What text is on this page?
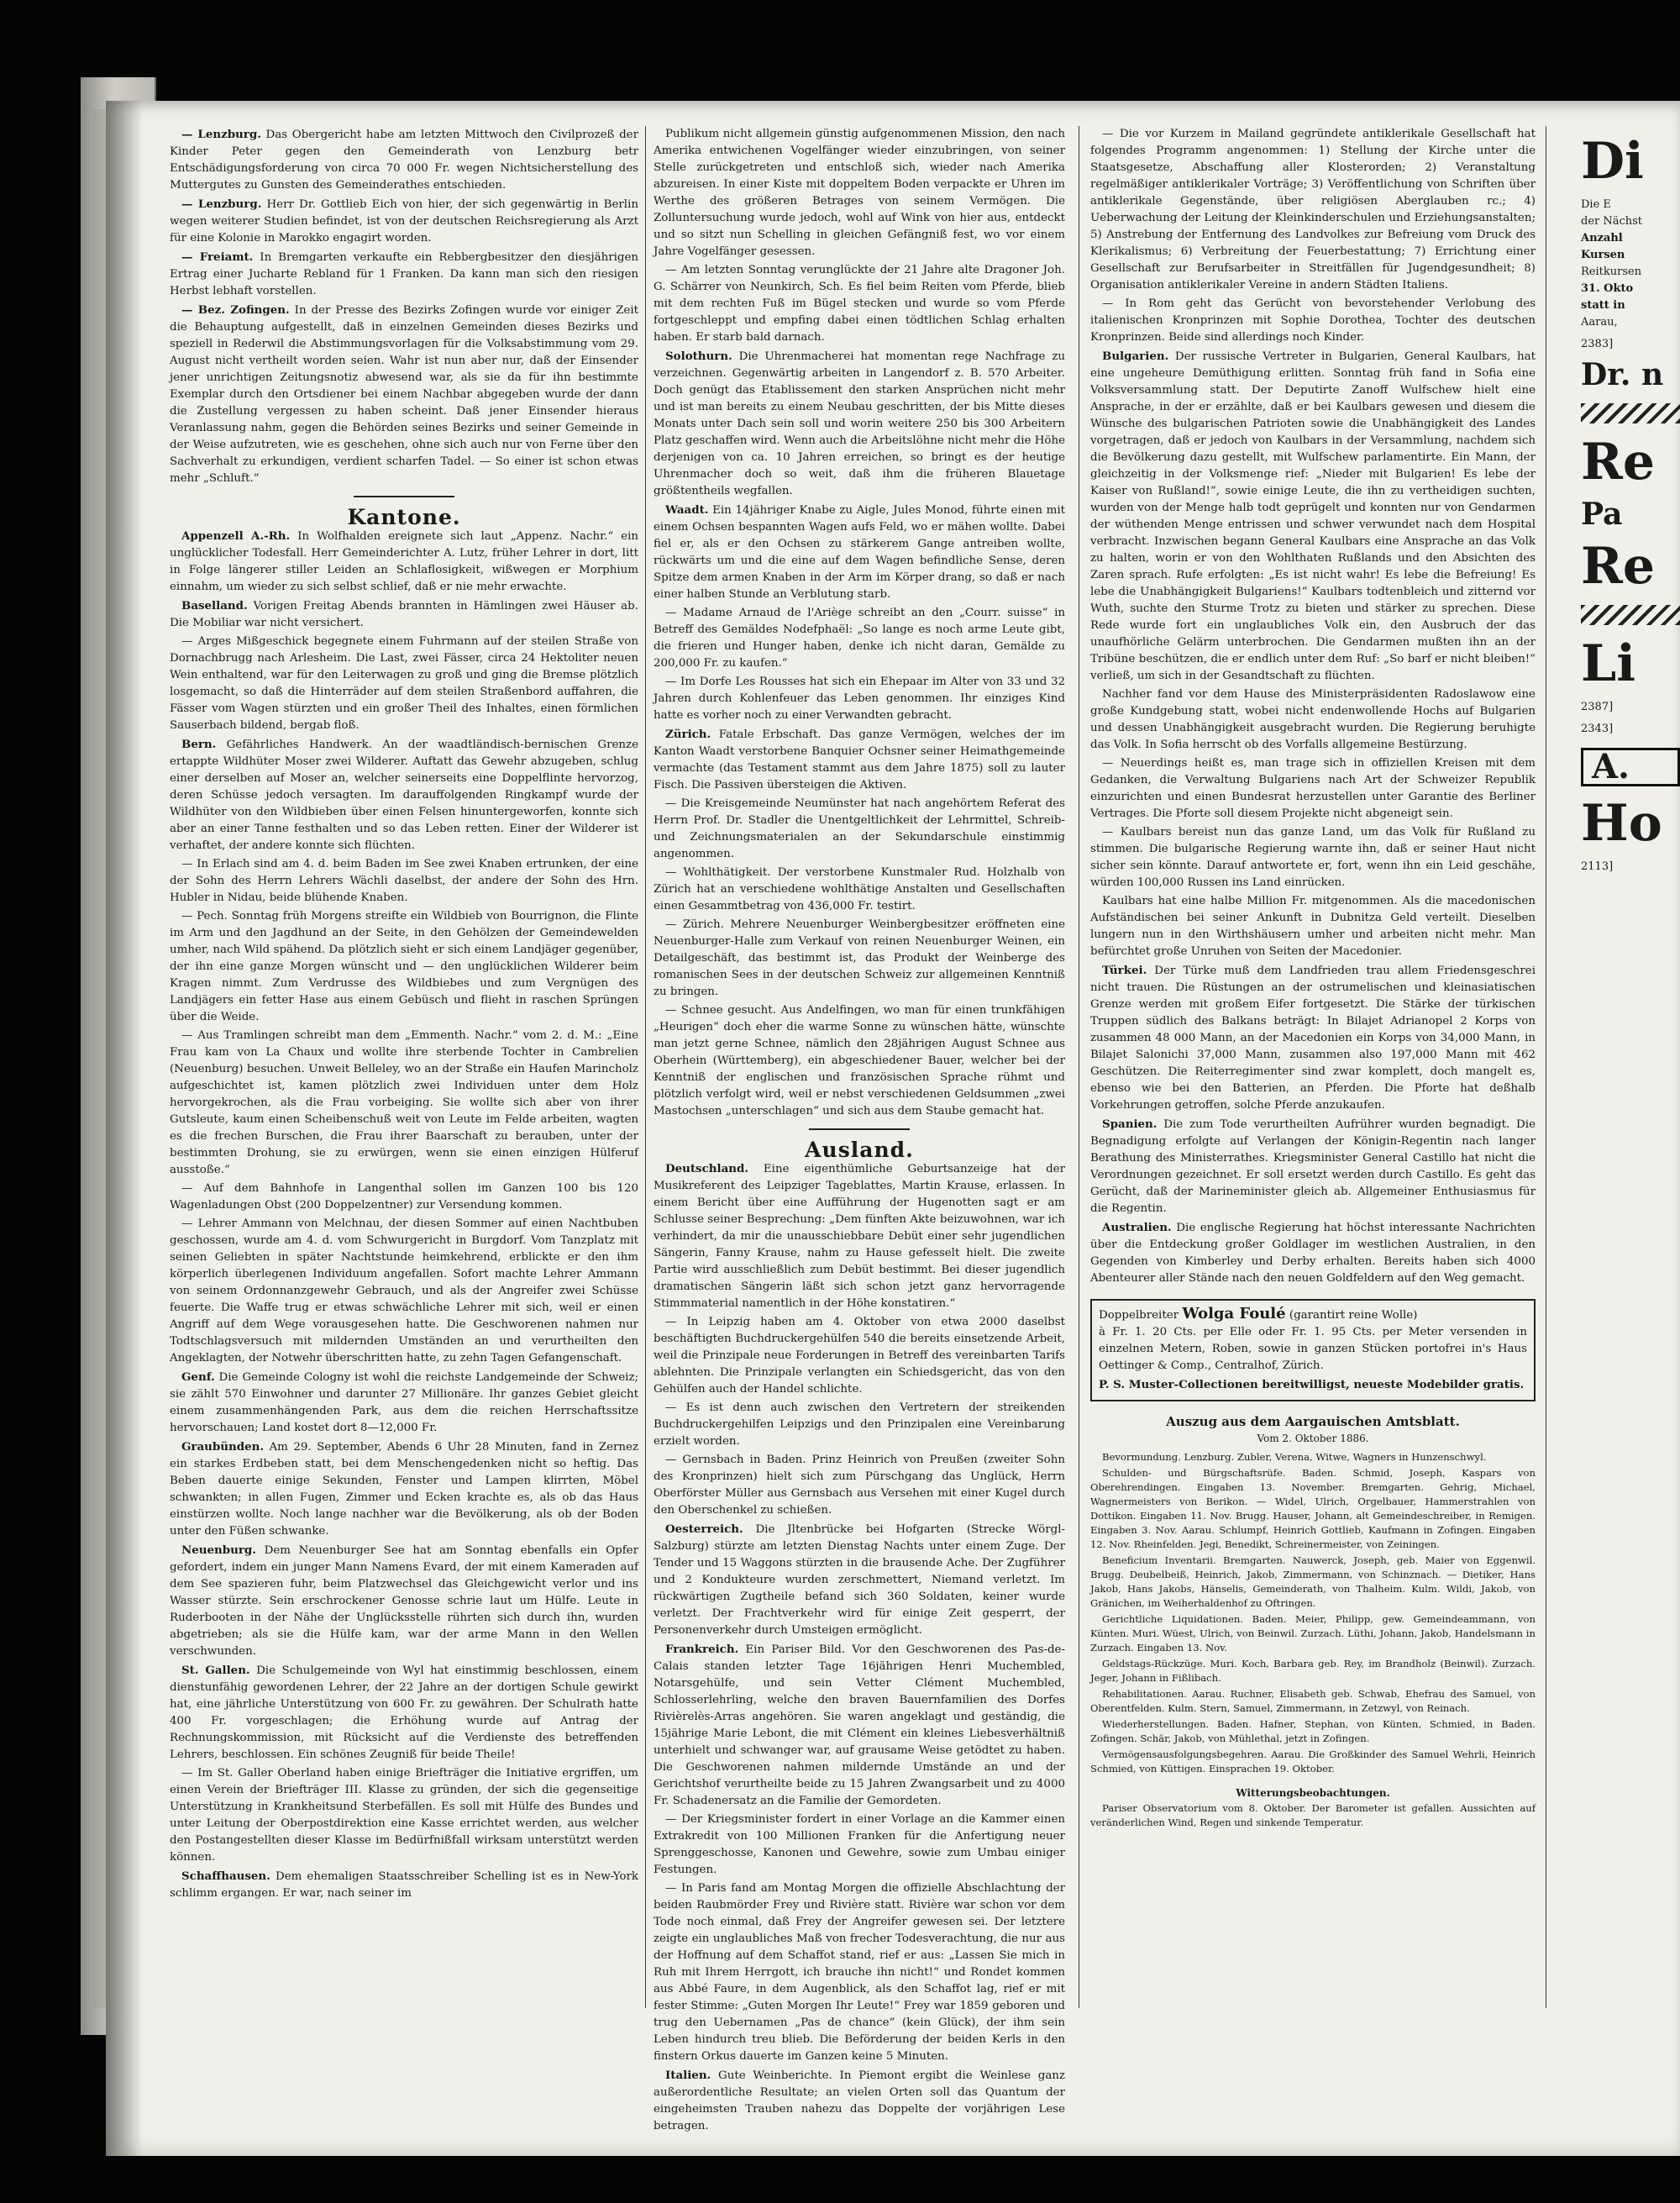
— Lenzburg. Das Obergericht habe am letzten Mittwoch den Civilprozeß der Kinder Peter gegen den Gemeinderath von Lenzburg betr Entschädigungsforderung von circa 70 000 Fr. wegen Nichtsicherstellung des Muttergutes zu Gunsten des Gemeinderathes entschieden.

— Lenzburg. Herr Dr. Gottlieb Eich von hier, der sich gegenwärtig in Berlin wegen weiterer Studien befindet, ist von der deutschen Reichsregierung als Arzt für eine Kolonie in Marokko engagirt worden.

— Freiamt. In Bremgarten verkaufte ein Rebbergbesitzer den diesjährigen Ertrag einer Jucharte Rebland für 1 Franken. Da kann man sich den riesigen Herbst lebhaft vorstellen.

— Bez. Zofingen. In der Presse des Bezirks Zofingen wurde vor einiger Zeit die Behauptung aufgestellt, daß in einzelnen Gemeinden dieses Bezirks und speziell in Rederwil die Abstimmungsvorlagen für die Volksabstimmung vom 29. August nicht vertheilt worden seien. Wahr ist nun aber nur, daß der Einsender jener unrichtigen Zeitungsnotiz abwesend war, als sie da für ihn bestimmte Exemplar durch den Ortsdiener bei einem Nachbar abgegeben wurde der dann die Zustellung vergessen zu haben scheint. Daß jener Einsender hieraus Veranlassung nahm, gegen die Behörden seines Bezirks und seiner Gemeinde in der Weise aufzutreten, wie es geschehen, ohne sich auch nur von Ferne über den Sachverhalt zu erkundigen, verdient scharfen Tadel. — So einer ist schon etwas mehr „Schluft.“

Kantone.

Appenzell A.-Rh. In Wolfhalden ereignete sich laut „Appenz. Nachr.“ ein unglücklicher Todesfall. Herr Gemeinderichter A. Lutz, früher Lehrer in dort, litt in Folge längerer stiller Leiden an Schlaflosigkeit, wißwegen er Morphium einnahm, um wieder zu sich selbst schlief, daß er nie mehr erwachte.

Baselland. Vorigen Freitag Abends brannten in Hämlingen zwei Häuser ab. Die Mobiliar war nicht versichert.

— Arges Mißgeschick begegnete einem Fuhrmann auf der steilen Straße von Dornachbrugg nach Arlesheim. Die Last, zwei Fässer, circa 24 Hektoliter neuen Wein enthaltend, war für den Leiterwagen zu groß und ging die Bremse plötzlich losgemacht, so daß die Hinterräder auf dem steilen Straßenbord auffahren, die Fässer vom Wagen stürzten und ein großer Theil des Inhaltes, einen förmlichen Sauserbach bildend, bergab floß.

Bern. Gefährliches Handwerk. An der waadtländisch-bernischen Grenze ertappte Wildhüter Moser zwei Wilderer. Auftatt das Gewehr abzugeben, schlug einer derselben auf Moser an, welcher seinerseits eine Doppelflinte hervorzog, deren Schüsse jedoch versagten. Im darauffolgenden Ringkampf wurde der Wildhüter von den Wildbieben über einen Felsen hinuntergeworfen, konnte sich aber an einer Tanne festhalten und so das Leben retten. Einer der Wilderer ist verhaftet, der andere konnte sich flüchten.

— In Erlach sind am 4. d. beim Baden im See zwei Knaben ertrunken, der eine der Sohn des Herrn Lehrers Wächli daselbst, der andere der Sohn des Hrn. Hubler in Nidau, beide blühende Knaben.

— Pech. Sonntag früh Morgens streifte ein Wildbieb von Bourrignon, die Flinte im Arm und den Jagdhund an der Seite, in den Gehölzen der Gemeindewelden umher, nach Wild spähend. Da plötzlich sieht er sich einem Landjäger gegenüber, der ihn eine ganze Morgen wünscht und — den unglücklichen Wilderer beim Kragen nimmt. Zum Verdrusse des Wildbiebes und zum Vergnügen des Landjägers ein fetter Hase aus einem Gebüsch und flieht in raschen Sprüngen über die Weide.

— Aus Tramlingen schreibt man dem „Emmenth. Nachr.“ vom 2. d. M.: „Eine Frau kam von La Chaux und wollte ihre sterbende Tochter in Cambrelien (Neuenburg) besuchen. Unweit Belleley, wo an der Straße ein Haufen Marincholz aufgeschichtet ist, kamen plötzlich zwei Individuen unter dem Holz hervorgekrochen, als die Frau vorbeiging. Sie wollte sich aber von ihrer Gutsleute, kaum einen Scheibenschuß weit von Leute im Felde arbeiten, wagten es die frechen Burschen, die Frau ihrer Baarschaft zu berauben, unter der bestimmten Drohung, sie zu erwürgen, wenn sie einen einzigen Hülferuf ausstoße.“

— Auf dem Bahnhofe in Langenthal sollen im Ganzen 100 bis 120 Wagenladungen Obst (200 Doppelzentner) zur Versendung kommen.

— Lehrer Ammann von Melchnau, der diesen Sommer auf einen Nachtbuben geschossen, wurde am 4. d. vom Schwurgericht in Burgdorf. Vom Tanzplatz mit seinen Geliebten in später Nachtstunde heimkehrend, erblickte er den ihm körperlich überlegenen Individuum angefallen. Sofort machte Lehrer Ammann von seinem Ordonnanzgewehr Gebrauch, und als der Angreifer zwei Schüsse feuerte. Die Waffe trug er etwas schwächliche Lehrer mit sich, weil er einen Angriff auf dem Wege vorausgesehen hatte. Die Geschworenen nahmen nur Todtschlagsversuch mit mildernden Umständen an und verurtheilten den Angeklagten, der Notwehr überschritten hatte, zu zehn Tagen Gefangenschaft.

Genf. Die Gemeinde Cologny ist wohl die reichste Landgemeinde der Schweiz; sie zählt 570 Einwohner und darunter 27 Millionäre. Ihr ganzes Gebiet gleicht einem zusammenhängenden Park, aus dem die reichen Herrschaftssitze hervorschauen; Land kostet dort 8—12,000 Fr.

Graubünden. Am 29. September, Abends 6 Uhr 28 Minuten, fand in Zernez ein starkes Erdbeben statt, bei dem Menschengedenken nicht so heftig. Das Beben dauerte einige Sekunden, Fenster und Lampen klirrten, Möbel schwankten; in allen Fugen, Zimmer und Ecken krachte es, als ob das Haus einstürzen wollte. Noch lange nachher war die Bevölkerung, als ob der Boden unter den Füßen schwanke.

Neuenburg. Dem Neuenburger See hat am Sonntag ebenfalls ein Opfer gefordert, indem ein junger Mann Namens Evard, der mit einem Kameraden auf dem See spazieren fuhr, beim Platzwechsel das Gleichgewicht verlor und ins Wasser stürzte. Sein erschrockener Genosse schrie laut um Hülfe. Leute in Ruderbooten in der Nähe der Unglücksstelle rührten sich durch ihn, wurden abgetrieben; als sie die Hülfe kam, war der arme Mann in den Wellen verschwunden.

St. Gallen. Die Schulgemeinde von Wyl hat einstimmig beschlossen, einem dienstunfähig gewordenen Lehrer, der 22 Jahre an der dortigen Schule gewirkt hat, eine jährliche Unterstützung von 600 Fr. zu gewähren. Der Schulrath hatte 400 Fr. vorgeschlagen; die Erhöhung wurde auf Antrag der Rechnungskommission, mit Rücksicht auf die Verdienste des betreffenden Lehrers, beschlossen. Ein schönes Zeugniß für beide Theile!

— Im St. Galler Oberland haben einige Briefträger die Initiative ergriffen, um einen Verein der Briefträger III. Klasse zu gründen, der sich die gegenseitige Unterstützung in Krankheitsund Sterbefällen. Es soll mit Hülfe des Bundes und unter Leitung der Oberpostdirektion eine Kasse errichtet werden, aus welcher den Postangestellten dieser Klasse im Bedürfnißfall wirksam unterstützt werden können.

Schaffhausen. Dem ehemaligen Staatsschreiber Schelling ist es in New-York schlimm ergangen. Er war, nach seiner im

Publikum nicht allgemein günstig aufgenommenen Mission, den nach Amerika entwichenen Vogelfänger wieder einzubringen, von seiner Stelle zurückgetreten und entschloß sich, wieder nach Amerika abzureisen. In einer Kiste mit doppeltem Boden verpackte er Uhren im Werthe des größeren Betrages von seinem Vermögen. Die Zolluntersuchung wurde jedoch, wohl auf Wink von hier aus, entdeckt und so sitzt nun Schelling in gleichen Gefängniß fest, wo vor einem Jahre Vogelfänger gesessen.

— Am letzten Sonntag verunglückte der 21 Jahre alte Dragoner Joh. G. Schärrer von Neunkirch, Sch. Es fiel beim Reiten vom Pferde, blieb mit dem rechten Fuß im Bügel stecken und wurde so vom Pferde fortgeschleppt und empfing dabei einen tödtlichen Schlag erhalten haben. Er starb bald darnach.

Solothurn. Die Uhrenmacherei hat momentan rege Nachfrage zu verzeichnen. Gegenwärtig arbeiten in Langendorf z. B. 570 Arbeiter. Doch genügt das Etablissement den starken Ansprüchen nicht mehr und ist man bereits zu einem Neubau geschritten, der bis Mitte dieses Monats unter Dach sein soll und worin weitere 250 bis 300 Arbeitern Platz geschaffen wird. Wenn auch die Arbeitslöhne nicht mehr die Höhe derjenigen von ca. 10 Jahren erreichen, so bringt es der heutige Uhrenmacher doch so weit, daß ihm die früheren Blauetage größtentheils wegfallen.

Waadt. Ein 14jähriger Knabe zu Aigle, Jules Monod, führte einen mit einem Ochsen bespannten Wagen aufs Feld, wo er mähen wollte. Dabei fiel er, als er den Ochsen zu stärkerem Gange antreiben wollte, rückwärts um und die eine auf dem Wagen befindliche Sense, deren Spitze dem armen Knaben in der Arm im Körper drang, so daß er nach einer halben Stunde an Verblutung starb.

— Madame Arnaud de l'Ariège schreibt an den „Courr. suisse“ in Betreff des Gemäldes Nodefphaël: „So lange es noch arme Leute gibt, die frieren und Hunger haben, denke ich nicht daran, Gemälde zu 200,000 Fr. zu kaufen.“

— Im Dorfe Les Rousses hat sich ein Ehepaar im Alter von 33 und 32 Jahren durch Kohlenfeuer das Leben genommen. Ihr einziges Kind hatte es vorher noch zu einer Verwandten gebracht.

Zürich. Fatale Erbschaft. Das ganze Vermögen, welches der im Kanton Waadt verstorbene Banquier Ochsner seiner Heimathgemeinde vermachte (das Testament stammt aus dem Jahre 1875) soll zu lauter Fisch. Die Passiven übersteigen die Aktiven.

— Die Kreisgemeinde Neumünster hat nach angehörtem Referat des Herrn Prof. Dr. Stadler die Unentgeltlichkeit der Lehrmittel, Schreib- und Zeichnungsmaterialen an der Sekundarschule einstimmig angenommen.

— Wohlthätigkeit. Der verstorbene Kunstmaler Rud. Holzhalb von Zürich hat an verschiedene wohlthätige Anstalten und Gesellschaften einen Gesammtbetrag von 436,000 Fr. testirt.

— Zürich. Mehrere Neuenburger Weinbergbesitzer eröffneten eine Neuenburger-Halle zum Verkauf von reinen Neuenburger Weinen, ein Detailgeschäft, das bestimmt ist, das Produkt der Weinberge des romanischen Sees in der deutschen Schweiz zur allgemeinen Kenntniß zu bringen.

— Schnee gesucht. Aus Andelfingen, wo man für einen trunkfähigen „Heurigen“ doch eher die warme Sonne zu wünschen hätte, wünschte man jetzt gerne Schnee, nämlich den 28jährigen August Schnee aus Oberhein (Württemberg), ein abgeschiedener Bauer, welcher bei der Kenntniß der englischen und französischen Sprache rühmt und plötzlich verfolgt wird, weil er nebst verschiedenen Geldsummen „zwei Mastochsen „unterschlagen“ und sich aus dem Staube gemacht hat.

Ausland.

Deutschland. Eine eigenthümliche Geburtsanzeige hat der Musikreferent des Leipziger Tageblattes, Martin Krause, erlassen. In einem Bericht über eine Aufführung der Hugenotten sagt er am Schlusse seiner Besprechung: „Dem fünften Akte beizuwohnen, war ich verhindert, da mir die unausschiebbare Debüt einer sehr jugendlichen Sängerin, Fanny Krause, nahm zu Hause gefesselt hielt. Die zweite Partie wird ausschließlich zum Debüt bestimmt. Bei dieser jugendlich dramatischen Sängerin läßt sich schon jetzt ganz hervorragende Stimmmaterial namentlich in der Höhe konstatiren.“

— In Leipzig haben am 4. Oktober von etwa 2000 daselbst beschäftigten Buchdruckergehülfen 540 die bereits einsetzende Arbeit, weil die Prinzipale neue Forderungen in Betreff des vereinbarten Tarifs ablehnten. Die Prinzipale verlangten ein Schiedsgericht, das von den Gehülfen auch der Handel schlichte.

— Es ist denn auch zwischen den Vertretern der streikenden Buchdruckergehilfen Leipzigs und den Prinzipalen eine Vereinbarung erzielt worden.

— Gernsbach in Baden. Prinz Heinrich von Preußen (zweiter Sohn des Kronprinzen) hielt sich zum Pürschgang das Unglück, Herrn Oberförster Müller aus Gernsbach aus Versehen mit einer Kugel durch den Oberschenkel zu schießen.

Oesterreich. Die Jltenbrücke bei Hofgarten (Strecke Wörgl-Salzburg) stürzte am letzten Dienstag Nachts unter einem Zuge. Der Tender und 15 Waggons stürzten in die brausende Ache. Der Zugführer und 2 Kondukteure wurden zerschmettert, Niemand verletzt. Im rückwärtigen Zugtheile befand sich 360 Soldaten, keiner wurde verletzt. Der Frachtverkehr wird für einige Zeit gesperrt, der Personenverkehr durch Umsteigen ermöglicht.

Frankreich. Ein Pariser Bild. Vor den Geschworenen des Pas-de-Calais standen letzter Tage 16jährigen Henri Muchembled, Notarsgehülfe, und sein Vetter Clément Muchembled, Schlosserlehrling, welche den braven Bauernfamilien des Dorfes Rivièrelès-Arras angehören. Sie waren angeklagt und geständig, die 15jährige Marie Lebont, die mit Clément ein kleines Liebesverhältniß unterhielt und schwanger war, auf grausame Weise getödtet zu haben. Die Geschworenen nahmen mildernde Umstände an und der Gerichtshof verurtheilte beide zu 15 Jahren Zwangsarbeit und zu 4000 Fr. Schadenersatz an die Familie der Gemordeten.

— Der Kriegsminister fordert in einer Vorlage an die Kammer einen Extrakredit von 100 Millionen Franken für die Anfertigung neuer Sprenggeschosse, Kanonen und Gewehre, sowie zum Umbau einiger Festungen.

— In Paris fand am Montag Morgen die offizielle Abschlachtung der beiden Raubmörder Frey und Rivière statt. Rivière war schon vor dem Tode noch einmal, daß Frey der Angreifer gewesen sei. Der letztere zeigte ein unglaubliches Maß von frecher Todesverachtung, die nur aus der Hoffnung auf dem Schaffot stand, rief er aus: „Lassen Sie mich in Ruh mit Ihrem Herrgott, ich brauche ihn nicht!“ und Rondet kommen aus Abbé Faure, in dem Augenblick, als den Schaffot lag, rief er mit fester Stimme: „Guten Morgen Ihr Leute!“ Frey war 1859 geboren und trug den Uebernamen „Pas de chance“ (kein Glück), der ihm sein Leben hindurch treu blieb. Die Beförderung der beiden Kerls in den finstern Orkus dauerte im Ganzen keine 5 Minuten.

Italien. Gute Weinberichte. In Piemont ergibt die Weinlese ganz außerordentliche Resultate; an vielen Orten soll das Quantum der eingeheimsten Trauben nahezu das Doppelte der vorjährigen Lese betragen.

— Die vor Kurzem in Mailand gegründete antiklerikale Gesellschaft hat folgendes Programm angenommen: 1) Stellung der Kirche unter die Staatsgesetze, Abschaffung aller Klosterorden; 2) Veranstaltung regelmäßiger antiklerikaler Vorträge; 3) Veröffentlichung von Schriften über antiklerikale Gegenstände, über religiösen Aberglauben rc.; 4) Ueberwachung der Leitung der Kleinkinderschulen und Erziehungsanstalten; 5) Anstrebung der Entfernung des Landvolkes zur Befreiung vom Druck des Klerikalismus; 6) Verbreitung der Feuerbestattung; 7) Errichtung einer Gesellschaft zur Berufsarbeiter in Streitfällen für Jugendgesundheit; 8) Organisation antiklerikaler Vereine in andern Städten Italiens.

— In Rom geht das Gerücht von bevorstehender Verlobung des italienischen Kronprinzen mit Sophie Dorothea, Tochter des deutschen Kronprinzen. Beide sind allerdings noch Kinder.

Bulgarien. Der russische Vertreter in Bulgarien, General Kaulbars, hat eine ungeheure Demüthigung erlitten. Sonntag früh fand in Sofia eine Volksversammlung statt. Der Deputirte Zanoff Wulfschew hielt eine Ansprache, in der er erzählte, daß er bei Kaulbars gewesen und diesem die Wünsche des bulgarischen Patrioten sowie die Unabhängigkeit des Landes vorgetragen, daß er jedoch von Kaulbars in der Versammlung, nachdem sich die Bevölkerung dazu gestellt, mit Wulfschew parlamentirte. Ein Mann, der gleichzeitig in der Volksmenge rief: „Nieder mit Bulgarien! Es lebe der Kaiser von Rußland!“, sowie einige Leute, die ihn zu vertheidigen suchten, wurden von der Menge halb todt geprügelt und konnten nur von Gendarmen der wüthenden Menge entrissen und schwer verwundet nach dem Hospital verbracht. Inzwischen begann General Kaulbars eine Ansprache an das Volk zu halten, worin er von den Wohlthaten Rußlands und den Absichten des Zaren sprach. Rufe erfolgten: „Es ist nicht wahr! Es lebe die Befreiung! Es lebe die Unabhängigkeit Bulgariens!“ Kaulbars todtenbleich und zitternd vor Wuth, suchte den Sturme Trotz zu bieten und stärker zu sprechen. Diese Rede wurde fort ein unglaubliches Volk ein, den Ausbruch der das unaufhörliche Gelärm unterbrochen. Die Gendarmen mußten ihn an der Tribüne beschützen, die er endlich unter dem Ruf: „So barf er nicht bleiben!“ verließ, um sich in der Gesandtschaft zu flüchten.

Nachher fand vor dem Hause des Ministerpräsidenten Radoslawow eine große Kundgebung statt, wobei nicht endenwollende Hochs auf Bulgarien und dessen Unabhängigkeit ausgebracht wurden. Die Regierung beruhigte das Volk. In Sofia herrscht ob des Vorfalls allgemeine Bestürzung.

— Neuerdings heißt es, man trage sich in offiziellen Kreisen mit dem Gedanken, die Verwaltung Bulgariens nach Art der Schweizer Republik einzurichten und einen Bundesrat herzustellen unter Garantie des Berliner Vertrages. Die Pforte soll diesem Projekte nicht abgeneigt sein.

— Kaulbars bereist nun das ganze Land, um das Volk für Rußland zu stimmen. Die bulgarische Regierung warnte ihn, daß er seiner Haut nicht sicher sein könnte. Darauf antwortete er, fort, wenn ihn ein Leid geschähe, würden 100,000 Russen ins Land einrücken.

Kaulbars hat eine halbe Million Fr. mitgenommen. Als die macedonischen Aufständischen bei seiner Ankunft in Dubnitza Geld verteilt. Dieselben lungern nun in den Wirthshäusern umher und arbeiten nicht mehr. Man befürchtet große Unruhen von Seiten der Macedonier.

Türkei. Der Türke muß dem Landfrieden trau allem Friedensgeschrei nicht trauen. Die Rüstungen an der ostrumelischen und kleinasiatischen Grenze werden mit großem Eifer fortgesetzt. Die Stärke der türkischen Truppen südlich des Balkans beträgt: In Bilajet Adrianopel 2 Korps von zusammen 48 000 Mann, an der Macedonien ein Korps von 34,000 Mann, in Bilajet Salonichi 37,000 Mann, zusammen also 197,000 Mann mit 462 Geschützen. Die Reiterregimenter sind zwar komplett, doch mangelt es, ebenso wie bei den Batterien, an Pferden. Die Pforte hat deßhalb Vorkehrungen getroffen, solche Pferde anzukaufen.

Spanien. Die zum Tode verurtheilten Aufrührer wurden begnadigt. Die Begnadigung erfolgte auf Verlangen der Königin-Regentin nach langer Berathung des Ministerrathes. Kriegsminister General Castillo hat nicht die Verordnungen gezeichnet. Er soll ersetzt werden durch Castillo. Es geht das Gerücht, daß der Marineminister gleich ab. Allgemeiner Enthusiasmus für die Regentin.

Australien. Die englische Regierung hat höchst interessante Nachrichten über die Entdeckung großer Goldlager im westlichen Australien, in den Gegenden von Kimberley und Derby erhalten. Bereits haben sich 4000 Abenteurer aller Stände nach den neuen Goldfeldern auf den Weg gemacht.

Doppelbreiter Wolga Foulé (garantirt reine Wolle)

à Fr. 1. 20 Cts. per Elle oder Fr. 1. 95 Cts. per Meter versenden in einzelnen Metern, Roben, sowie in ganzen Stücken portofrei in's Haus Oettinger & Comp., Centralhof, Zürich.

P. S. Muster-Collectionen bereitwilligst, neueste Modebilder gratis.

Auszug aus dem Aargauischen Amtsblatt.
Vom 2. Oktober 1886.

Bevormundung. Lenzburg. Zubler, Verena, Witwe, Wagners in Hunzenschwyl.

Schulden- und Bürgschaftsrüfe. Baden. Schmid, Joseph, Kaspars von Oberehrendingen. Eingaben 13. November. Bremgarten. Gehrig, Michael, Wagnermeisters von Berikon. — Widel, Ulrich, Orgelbauer, Hammerstrahlen von Dottikon. Eingaben 11. Nov. Brugg. Hauser, Johann, alt Gemeindeschreiber, in Remigen. Eingaben 3. Nov. Aarau. Schlumpf, Heinrich Gottlieb, Kaufmann in Zofingen. Eingaben 12. Nov. Rheinfelden. Jegi, Benedikt, Schreinermeister, von Zeiningen.

Beneficium Inventarii. Bremgarten. Nauwerck, Joseph, geb. Maier von Eggenwil. Brugg. Deubelbeiß, Heinrich, Jakob, Zimmermann, von Schinznach. — Dietiker, Hans Jakob, Hans Jakobs, Hänselis, Gemeinderath, von Thalheim. Kulm. Wildi, Jakob, von Gränichen, im Weiherhaldenhof zu Oftringen.

Gerichtliche Liquidationen. Baden. Meier, Philipp, gew. Gemeindeammann, von Künten. Muri. Wüest, Ulrich, von Beinwil. Zurzach. Lüthi, Johann, Jakob, Handelsmann in Zurzach. Eingaben 13. Nov.

Geldstags-Rückzüge. Muri. Koch, Barbara geb. Rey, im Brandholz (Beinwil). Zurzach. Jeger, Johann in Fißlibach.

Rehabilitationen. Aarau. Ruchner, Elisabeth geb. Schwab, Ehefrau des Samuel, von Oberentfelden. Kulm. Stern, Samuel, Zimmermann, in Zetzwyl, von Reinach.

Wiederherstellungen. Baden. Hafner, Stephan, von Künten, Schmied, in Baden. Zofingen. Schär, Jakob, von Mühlethal, jetzt in Zofingen.

Vermögensausfolgungsbegehren. Aarau. Die Großkinder des Samuel Wehrli, Heinrich Schmied, von Küttigen. Einsprachen 19. Oktober.

Witterungsbeobachtungen.

Pariser Observatorium vom 8. Oktober. Der Barometer ist gefallen. Aussichten auf veränderlichen Wind, Regen und sinkende Temperatur.

Di
Die E
der Nächst
Anzahl
Kursen
Reitkursen
31. Okto
statt in
Aarau,
2383]
Dr. n
Re
Pa
Re
Li
2387]
2343]
A.
Ho
2113]
